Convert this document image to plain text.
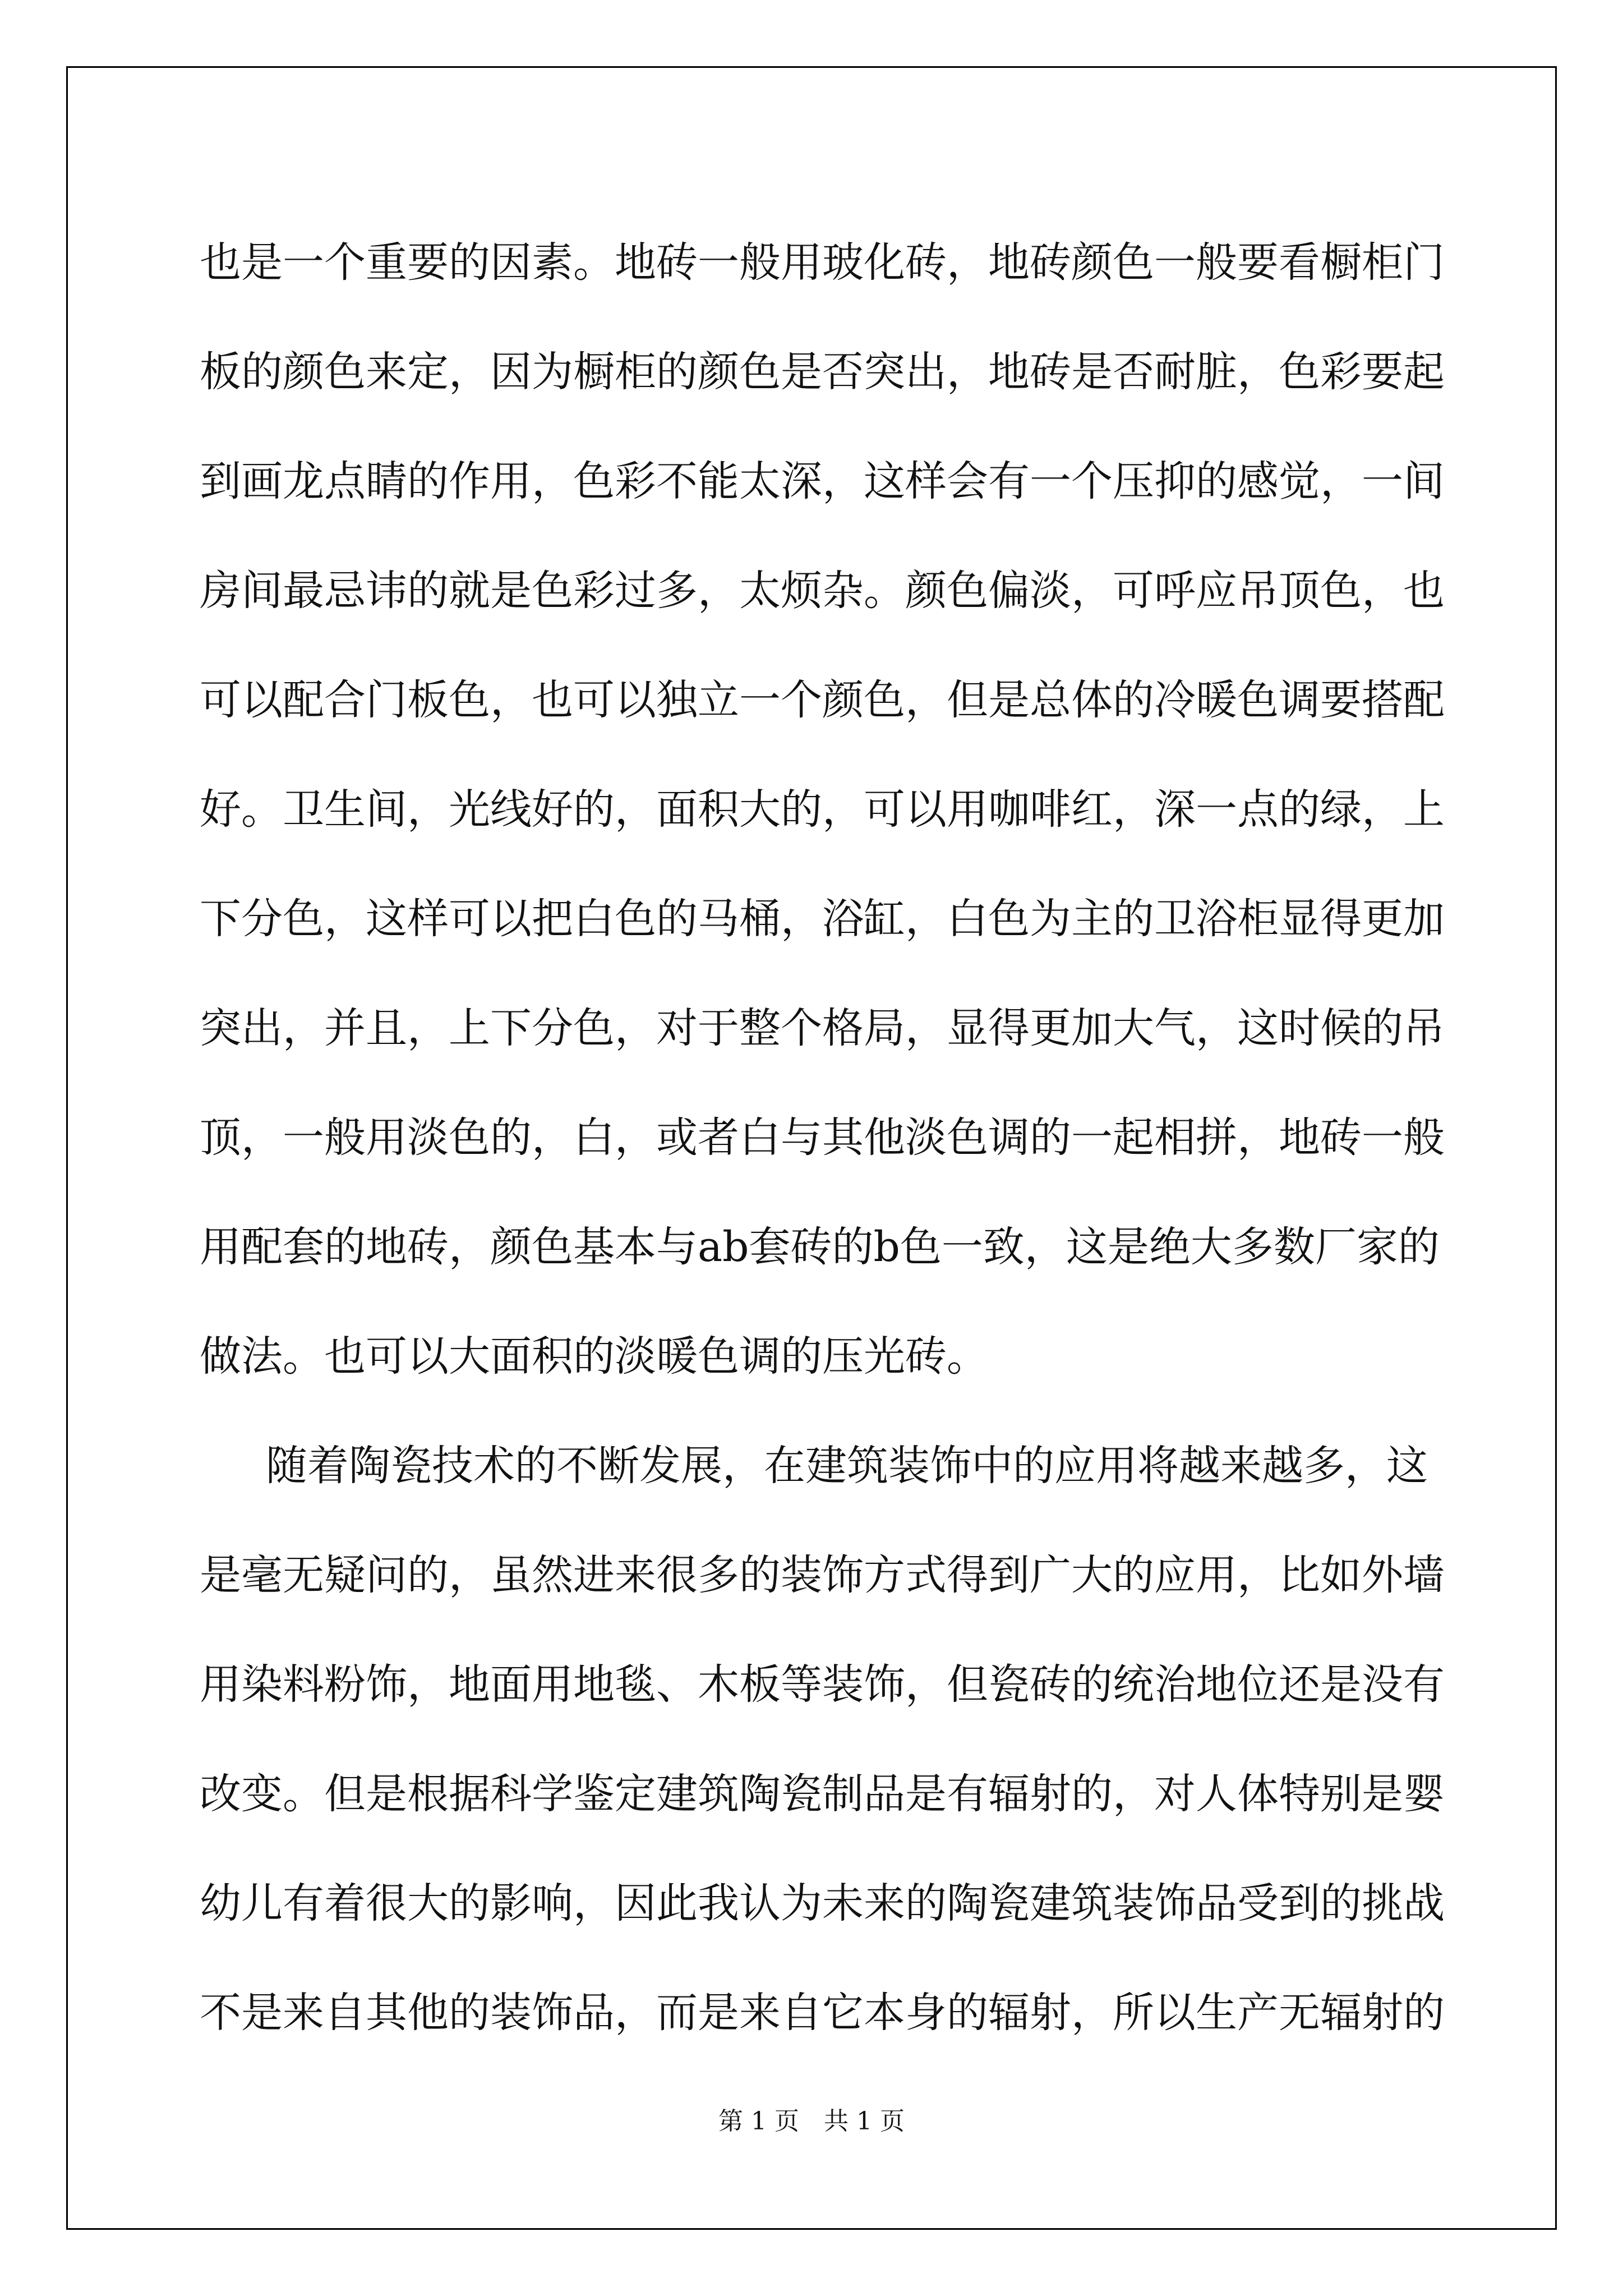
也 是 一 个 重 要 的 因 素 。 地 砖 一 般 用 玻 化 砖 ， 地 砖 颜 色 一 般 要 看 橱 柜 门
板 的 颜 色 来 定 ， 因 为 橱 柜 的 颜 色 是 否 突 出 ， 地 砖 是 否 耐 脏 ， 色 彩 要 起
到 画 龙 点 睛 的 作 用 ， 色 彩 不 能 太 深 ， 这 样 会 有 一 个 压 抑 的 感 觉 ， 一 间
房 间 最 忌 讳 的 就 是 色 彩 过 多 ， 太 烦 杂 。 颜 色 偏 淡 ， 可 呼 应 吊 顶 色 ， 也
可 以 配 合 门 板 色 ， 也 可 以 独 立 一 个 颜 色 ， 但 是 总 体 的 冷 暖 色 调 要 搭 配
好 。 卫 生 间 ， 光 线 好 的 ， 面 积 大 的 ， 可 以 用 咖 啡 红 ， 深 一 点 的 绿 ， 上
下 分 色 ， 这 样 可 以 把 白 色 的 马 桶 ， 浴 缸 ， 白 色 为 主 的 卫 浴 柜 显 得 更 加
突 出 ， 并 且 ， 上 下 分 色 ， 对 于 整 个 格 局 ， 显 得 更 加 大 气 ， 这 时 候 的 吊
顶 ， 一 般 用 淡 色 的 ， 白 ， 或 者 白 与 其 他 淡 色 调 的 一 起 相 拼 ， 地 砖 一 般
用 配 套 的 地 砖 ， 颜 色 基 本 与 ab 套 砖 的 b 色 一 致 ， 这 是 绝 大 多 数 厂 家 的
做法。也可以大面积的淡暖色调的压光砖。
随 着 陶 瓷 技 术 的 不 断 发 展 ， 在 建 筑 装 饰 中 的 应 用 将 越 来 越 多 ， 这
是 毫 无 疑 问 的 ， 虽 然 进 来 很 多 的 装 饰 方 式 得 到 广 大 的 应 用 ， 比 如 外 墙
用 染 料 粉 饰 ， 地 面 用 地 毯 、 木 板 等 装 饰 ， 但 瓷 砖 的 统 治 地 位 还 是 没 有
改 变 。 但 是 根 据 科 学 鉴 定 建 筑 陶 瓷 制 品 是 有 辐 射 的 ， 对 人 体 特 别 是 婴
幼 儿 有 着 很 大 的 影 响 ， 因 此 我 认 为 未 来 的 陶 瓷 建 筑 装 饰 品 受 到 的 挑 战
不 是 来 自 其 他 的 装 饰 品 ， 而 是 来 自 它 本 身 的 辐 射 ， 所 以 生 产 无 辐 射 的
第 1 页　共 1 页
